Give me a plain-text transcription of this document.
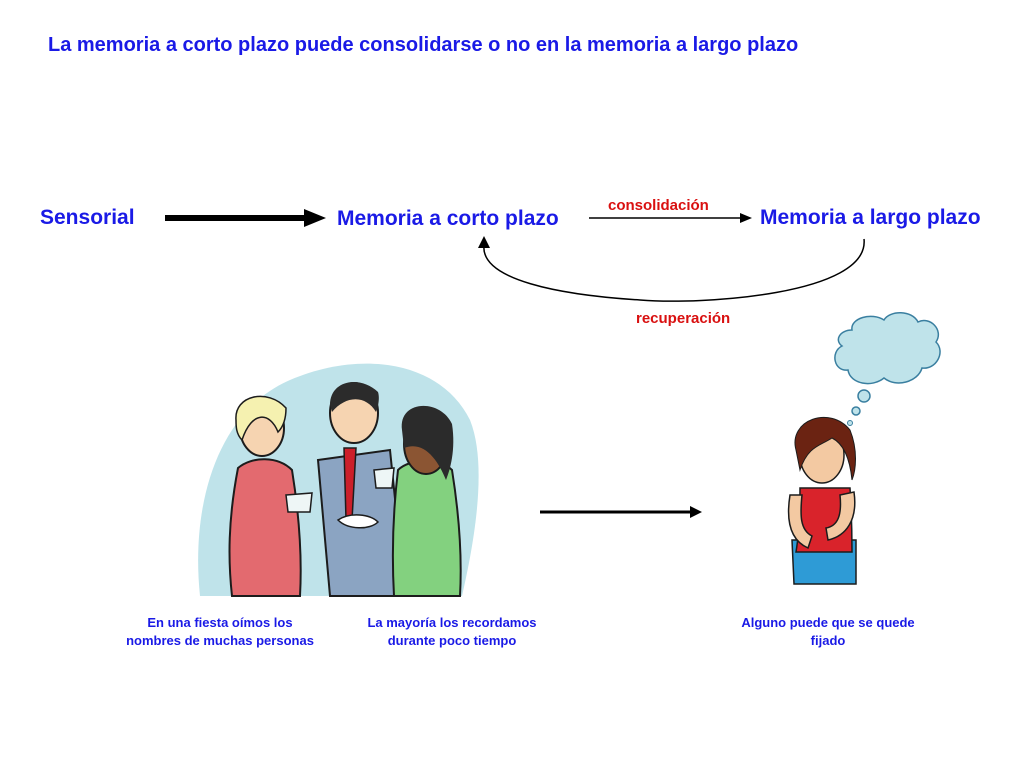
La memoria a corto plazo puede consolidarse o no en la memoria a largo plazo
Sensorial	Memoria a corto plazo	Memoria a largo plazo
consolidación
recuperación
En una fiesta oímos los
nombres de muchas personas
La mayoría los recordamos
durante poco tiempo
Alguno puede que se quede
fijado
